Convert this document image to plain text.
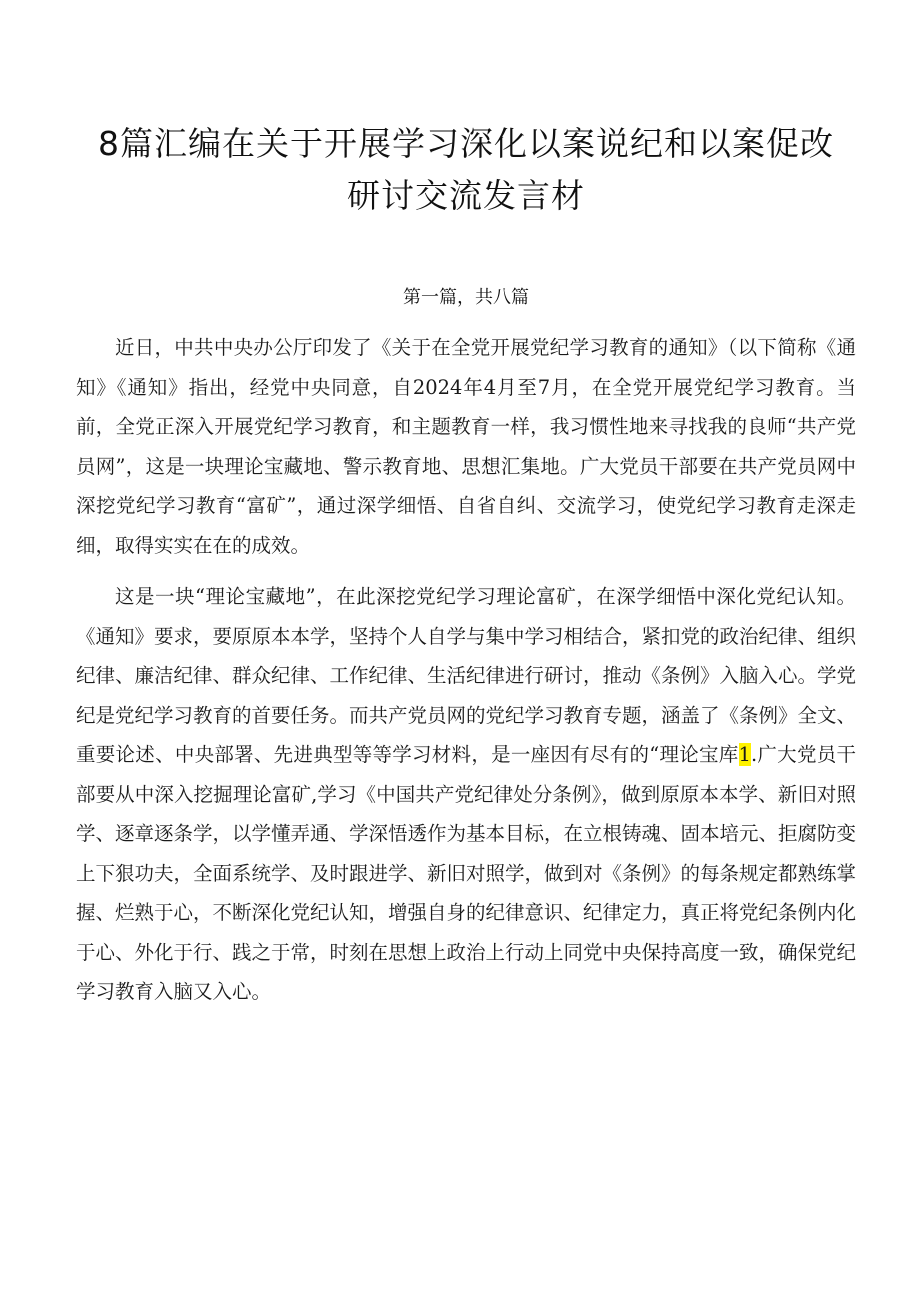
8篇汇编在关于开展学习深化以案说纪和以案促改
研讨交流发言材
第一篇，共八篇

近日，中共中央办公厅印发了《关于在全党开展党纪学习教育的通知》（以下简称《通知》《通知》指出，经党中央同意，自2024年4月至7月，在全党开展党纪学习教育。当前，全党正深入开展党纪学习教育，和主题教育一样，我习惯性地来寻找我的良师“共产党员网”，这是一块理论宝藏地、警示教育地、思想汇集地。广大党员干部要在共产党员网中深挖党纪学习教育“富矿”，通过深学细悟、自省自纠、交流学习，使党纪学习教育走深走细，取得实实在在的成效。

这是一块“理论宝藏地”，在此深挖党纪学习理论富矿，在深学细悟中深化党纪认知。《通知》要求，要原原本本学，坚持个人自学与集中学习相结合，紧扣党的政治纪律、组织纪律、廉洁纪律、群众纪律、工作纪律、生活纪律进行研讨，推动《条例》入脑入心。学党纪是党纪学习教育的首要任务。而共产党员网的党纪学习教育专题，涵盖了《条例》全文、重要论述、中央部署、先进典型等等学习材料，是一座因有尽有的“理论宝库1.广大党员干部要从中深入挖掘理论富矿,学习《中国共产党纪律处分条例》，做到原原本本学、新旧对照学、逐章逐条学，以学懂弄通、学深悟透作为基本目标，在立根铸魂、固本培元、拒腐防变上下狠功夫，全面系统学、及时跟进学、新旧对照学，做到对《条例》的每条规定都熟练掌握、烂熟于心，不断深化党纪认知，增强自身的纪律意识、纪律定力，真正将党纪条例内化于心、外化于行、践之于常，时刻在思想上政治上行动上同党中央保持高度一致，确保党纪学习教育入脑又入心。
